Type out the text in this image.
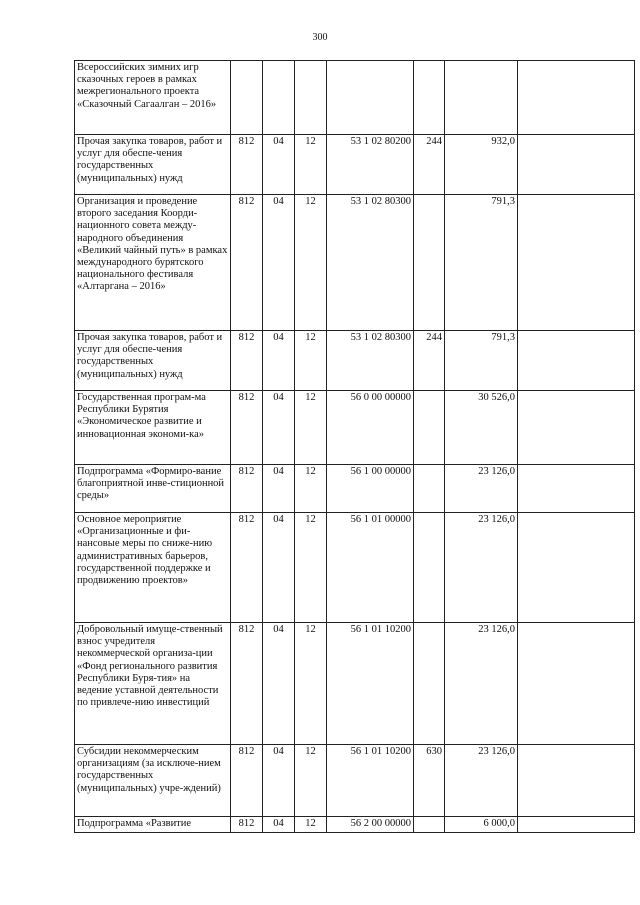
300
Всероссийских зимних игр сказочных героев в рамках межрегионального проекта «Сказочный Сагаалган – 2016»							
Прочая закупка товаров, работ и услуг для обеспе-чения государственных (муниципальных) нужд	812	04	12	53 1 02 80200	244	932,0	
Организация и проведение второго заседания Коорди-национного совета между-народного объединения «Великий чайный путь» в рамках международного бурятского национального фестиваля «Алтаргана – 2016»	812	04	12	53 1 02 80300		791,3	
Прочая закупка товаров, работ и услуг для обеспе-чения государственных (муниципальных) нужд	812	04	12	53 1 02 80300	244	791,3	
Государственная програм-ма Республики Бурятия «Экономическое развитие и инновационная экономи-ка»	812	04	12	56 0 00 00000		30 526,0	
Подпрограмма «Формиро-вание благоприятной инве-стиционной среды»	812	04	12	56 1 00 00000		23 126,0	
Основное мероприятие «Организационные и фи-нансовые меры по сниже-нию административных барьеров, государственной поддержке и продвижению проектов»	812	04	12	56 1 01 00000		23 126,0	
Добровольный имуще-ственный взнос учредителя некоммерческой организа-ции «Фонд регионального развития Республики Буря-тия» на ведение уставной деятельности по привлече-нию инвестиций	812	04	12	56 1 01 10200		23 126,0	
Субсидии некоммерческим организациям (за исключе-нием государственных (муниципальных) учре-ждений)	812	04	12	56 1 01 10200	630	23 126,0	
Подпрограмма «Развитие	812	04	12	56 2 00 00000		6 000,0	
